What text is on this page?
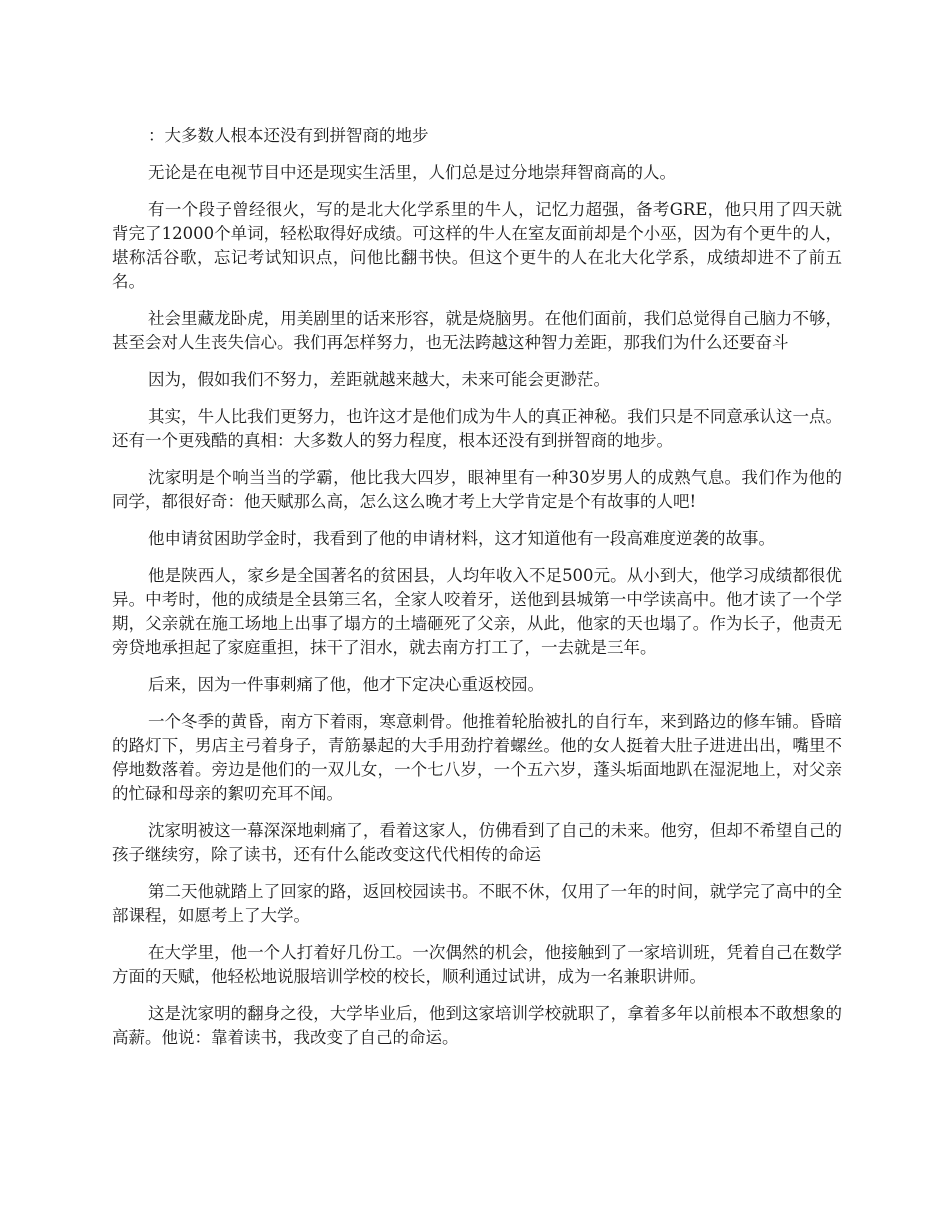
：大多数人根本还没有到拼智商的地步

无论是在电视节目中还是现实生活里，人们总是过分地崇拜智商高的人。

有一个段子曾经很火，写的是北大化学系里的牛人，记忆力超强，备考GRE，他只用了四天就背完了12000个单词，轻松取得好成绩。可这样的牛人在室友面前却是个小巫，因为有个更牛的人，堪称活谷歌，忘记考试知识点，问他比翻书快。但这个更牛的人在北大化学系，成绩却进不了前五名。

社会里藏龙卧虎，用美剧里的话来形容，就是烧脑男。在他们面前，我们总觉得自己脑力不够，甚至会对人生丧失信心。我们再怎样努力，也无法跨越这种智力差距，那我们为什么还要奋斗

因为，假如我们不努力，差距就越来越大，未来可能会更渺茫。

其实，牛人比我们更努力，也许这才是他们成为牛人的真正神秘。我们只是不同意承认这一点。还有一个更残酷的真相：大多数人的努力程度，根本还没有到拼智商的地步。

沈家明是个响当当的学霸，他比我大四岁，眼神里有一种30岁男人的成熟气息。我们作为他的同学，都很好奇：他天赋那么高，怎么这么晚才考上大学肯定是个有故事的人吧!

他申请贫困助学金时，我看到了他的申请材料，这才知道他有一段高难度逆袭的故事。

他是陕西人，家乡是全国著名的贫困县，人均年收入不足500元。从小到大，他学习成绩都很优异。中考时，他的成绩是全县第三名，全家人咬着牙，送他到县城第一中学读高中。他才读了一个学期，父亲就在施工场地上出事了塌方的土墙砸死了父亲，从此，他家的天也塌了。作为长子，他责无旁贷地承担起了家庭重担，抹干了泪水，就去南方打工了，一去就是三年。

后来，因为一件事刺痛了他，他才下定决心重返校园。

一个冬季的黄昏，南方下着雨，寒意刺骨。他推着轮胎被扎的自行车，来到路边的修车铺。昏暗的路灯下，男店主弓着身子，青筋暴起的大手用劲拧着螺丝。他的女人挺着大肚子进进出出，嘴里不停地数落着。旁边是他们的一双儿女，一个七八岁，一个五六岁，蓬头垢面地趴在湿泥地上，对父亲的忙碌和母亲的絮叨充耳不闻。

沈家明被这一幕深深地刺痛了，看着这家人，仿佛看到了自己的未来。他穷，但却不希望自己的孩子继续穷，除了读书，还有什么能改变这代代相传的命运

第二天他就踏上了回家的路，返回校园读书。不眠不休，仅用了一年的时间，就学完了高中的全部课程，如愿考上了大学。

在大学里，他一个人打着好几份工。一次偶然的机会，他接触到了一家培训班，凭着自己在数学方面的天赋，他轻松地说服培训学校的校长，顺利通过试讲，成为一名兼职讲师。

这是沈家明的翻身之役，大学毕业后，他到这家培训学校就职了，拿着多年以前根本不敢想象的高薪。他说：靠着读书，我改变了自己的命运。
